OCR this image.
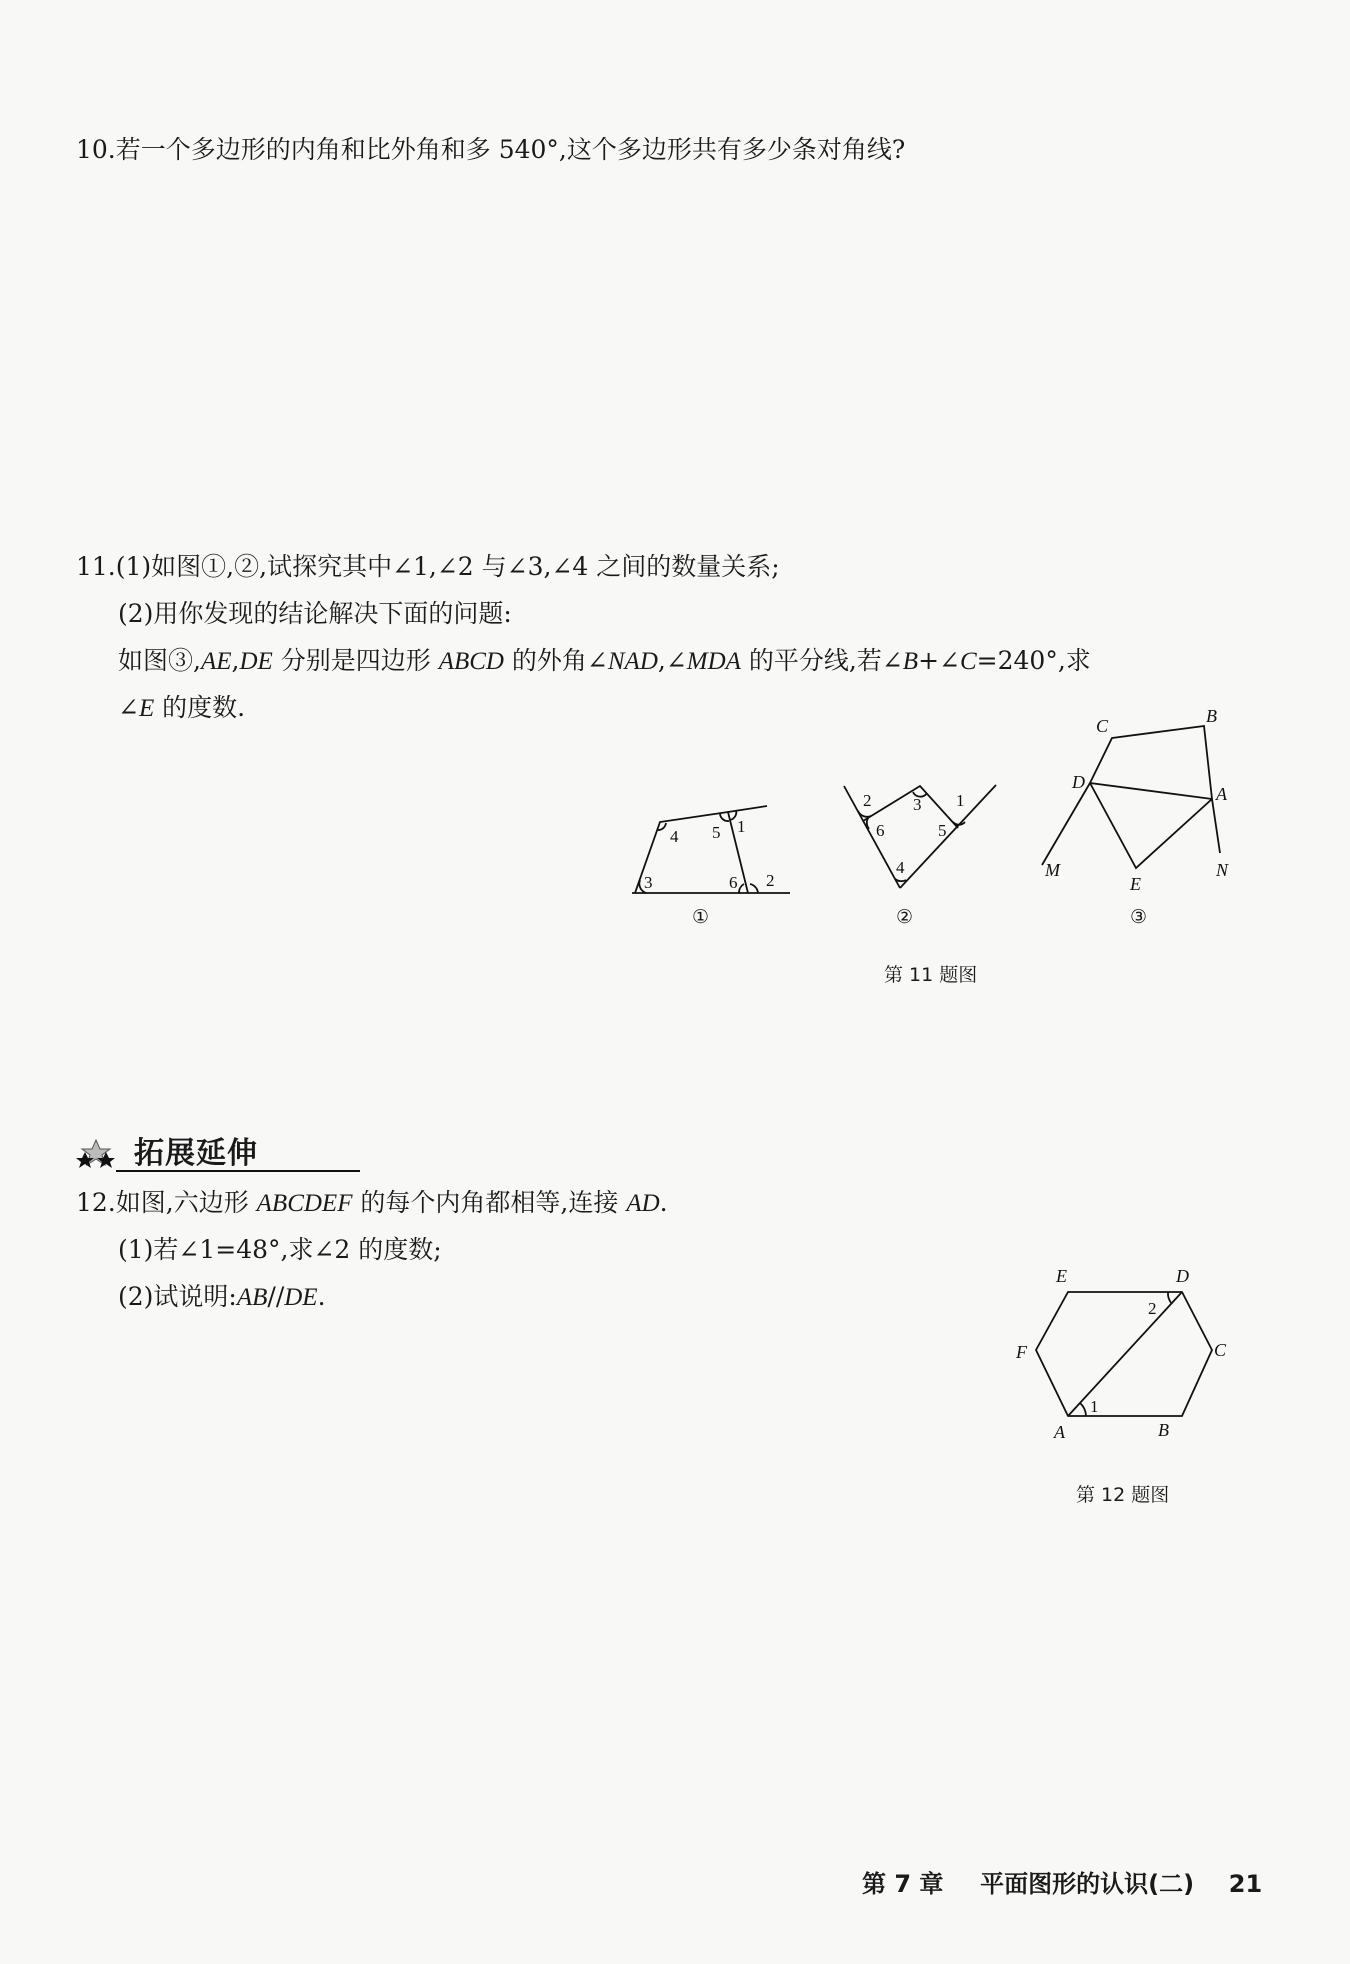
10.若一个多边形的内角和比外角和多 540°,这个多边形共有多少条对角线?
11.(1)如图①,②,试探究其中∠1,∠2 与∠3,∠4 之间的数量关系;
(2)用你发现的结论解决下面的问题:
如图③,AE,DE 分别是四边形 ABCD 的外角∠NAD,∠MDA 的平分线,若∠B+∠C=240°,求
∠E 的度数.
4 5 1
3	6 2
2 3 1
6	5
4
C	B
D
A
M
E
N
①	②	③
第 11 题图
拓展延伸
12.如图,六边形 ABCDEF 的每个内角都相等,连接 AD.
(1)若∠1=48°,求∠2 的度数;
(2)试说明:AB//DE.
E	D
2
F	C
1
A	B
第 12 题图
第 7 章 平面图形的认识(二) 21
